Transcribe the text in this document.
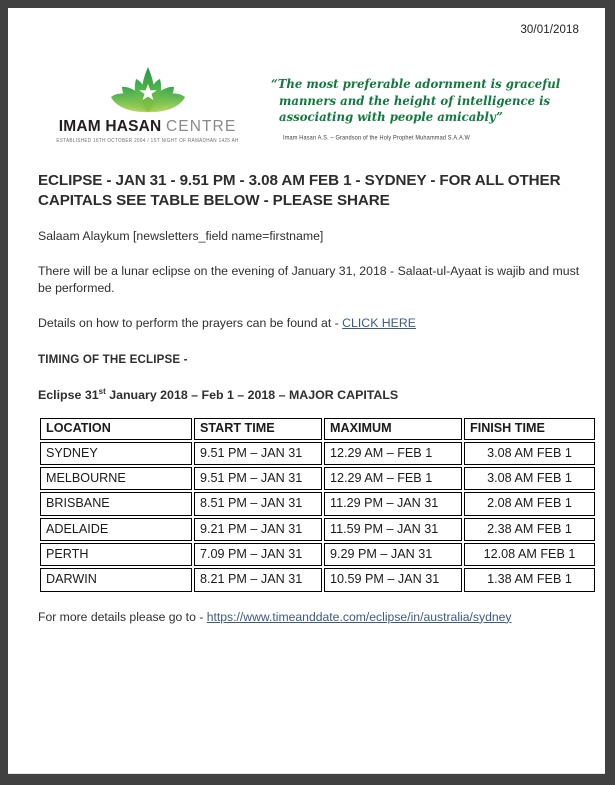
30/01/2018
IMAM HASAN CENTRE
ESTABLISHED 16TH OCTOBER 2004 / 1ST NIGHT OF RAMADHAN 1425 AH

“The most preferable adornment is graceful manners and the height of intelligence is associating with people amicably”

Imam Hasan A.S. – Grandson of the Holy Prophet Muhammad S.A.A.W
ECLIPSE - JAN 31 - 9.51 PM - 3.08 AM FEB 1 - SYDNEY - FOR ALL OTHER CAPITALS SEE TABLE BELOW - PLEASE SHARE

Salaam Alaykum [newsletters_field name=firstname]

There will be a lunar eclipse on the evening of January 31, 2018 - Salaat-ul-Ayaat is wajib and must be performed.

Details on how to perform the prayers can be found at - CLICK HERE

TIMING OF THE ECLIPSE -
Eclipse 31st January 2018 – Feb 1 – 2018 – MAJOR CAPITALS
LOCATION	START TIME	MAXIMUM	FINISH TIME
SYDNEY	9.51 PM – JAN 31	12.29 AM – FEB 1	3.08 AM FEB 1
MELBOURNE	9.51 PM – JAN 31	12.29 AM – FEB 1	3.08 AM FEB 1
BRISBANE	8.51 PM – JAN 31	11.29 PM – JAN 31	2.08 AM FEB 1
ADELAIDE	9.21 PM – JAN 31	11.59 PM – JAN 31	2.38 AM FEB 1
PERTH	7.09 PM – JAN 31	9.29 PM – JAN 31	12.08 AM FEB 1
DARWIN	8.21 PM – JAN 31	10.59 PM – JAN 31	1.38 AM FEB 1

For more details please go to - https://www.timeanddate.com/eclipse/in/australia/sydney
